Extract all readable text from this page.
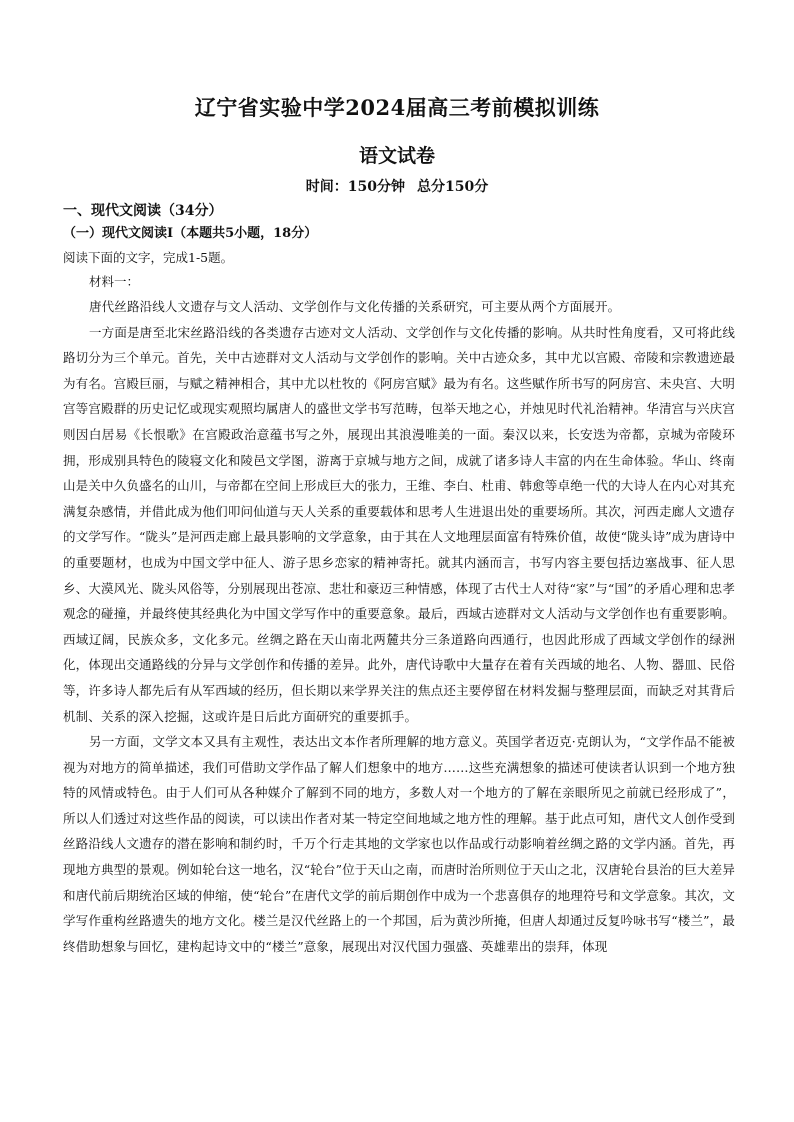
辽宁省实验中学2024届高三考前模拟训练
语文试卷
时间：150分钟 总分150分
一、现代文阅读（34分）
（一）现代文阅读Ⅰ（本题共5小题，18分）
阅读下面的文字，完成1-5题。
材料一：

唐代丝路沿线人文遗存与文人活动、文学创作与文化传播的关系研究，可主要从两个方面展开。

一方面是唐至北宋丝路沿线的各类遗存古迹对文人活动、文学创作与文化传播的影响。从共时性角度看，又可将此线路切分为三个单元。首先，关中古迹群对文人活动与文学创作的影响。关中古迹众多，其中尤以宫殿、帝陵和宗教遗迹最为有名。宫殿巨丽，与赋之精神相合，其中尤以杜牧的《阿房宫赋》最为有名。这些赋作所书写的阿房宫、未央宫、大明宫等宫殿群的历史记忆或现实观照均属唐人的盛世文学书写范畴，包举天地之心，并烛见时代礼治精神。华清宫与兴庆宫则因白居易《长恨歌》在宫殿政治意蕴书写之外，展现出其浪漫唯美的一面。秦汉以来，长安迭为帝都，京城为帝陵环拥，形成别具特色的陵寝文化和陵邑文学图，游离于京城与地方之间，成就了诸多诗人丰富的内在生命体验。华山、终南山是关中久负盛名的山川，与帝都在空间上形成巨大的张力，王维、李白、杜甫、韩愈等卓绝一代的大诗人在内心对其充满复杂感情，并借此成为他们叩问仙道与天人关系的重要载体和思考人生进退出处的重要场所。其次，河西走廊人文遗存的文学写作。“陇头”是河西走廊上最具影响的文学意象，由于其在人文地理层面富有特殊价值，故使“陇头诗”成为唐诗中的重要题材，也成为中国文学中征人、游子思乡恋家的精神寄托。就其内涵而言，书写内容主要包括边塞战事、征人思乡、大漠风光、陇头风俗等，分别展现出苍凉、悲壮和豪迈三种情感，体现了古代士人对待“家”与“国”的矛盾心理和忠孝观念的碰撞，并最终使其经典化为中国文学写作中的重要意象。最后，西域古迹群对文人活动与文学创作也有重要影响。西域辽阔，民族众多，文化多元。丝绸之路在天山南北两麓共分三条道路向西通行，也因此形成了西域文学创作的绿洲化，体现出交通路线的分异与文学创作和传播的差异。此外，唐代诗歌中大量存在着有关西域的地名、人物、器皿、民俗等，许多诗人都先后有从军西域的经历，但长期以来学界关注的焦点还主要停留在材料发掘与整理层面，而缺乏对其背后机制、关系的深入挖掘，这或许是日后此方面研究的重要抓手。

另一方面，文学文本又具有主观性，表达出文本作者所理解的地方意义。英国学者迈克·克朗认为，“文学作品不能被视为对地方的简单描述，我们可借助文学作品了解人们想象中的地方……这些充满想象的描述可使读者认识到一个地方独特的风情或特色。由于人们可从各种媒介了解到不同的地方，多数人对一个地方的了解在亲眼所见之前就已经形成了”，所以人们透过对这些作品的阅读，可以读出作者对某一特定空间地域之地方性的理解。基于此点可知，唐代文人创作受到丝路沿线人文遗存的潜在影响和制约时，千万个行走其地的文学家也以作品或行动影响着丝绸之路的文学内涵。首先，再现地方典型的景观。例如轮台这一地名，汉“轮台”位于天山之南，而唐时治所则位于天山之北，汉唐轮台县治的巨大差异和唐代前后期统治区域的伸缩，使“轮台”在唐代文学的前后期创作中成为一个悲喜俱存的地理符号和文学意象。其次，文学写作重构丝路遗失的地方文化。楼兰是汉代丝路上的一个邦国，后为黄沙所掩，但唐人却通过反复吟咏书写“楼兰”，最终借助想象与回忆，建构起诗文中的“楼兰”意象，展现出对汉代国力强盛、英雄辈出的崇拜，体现
